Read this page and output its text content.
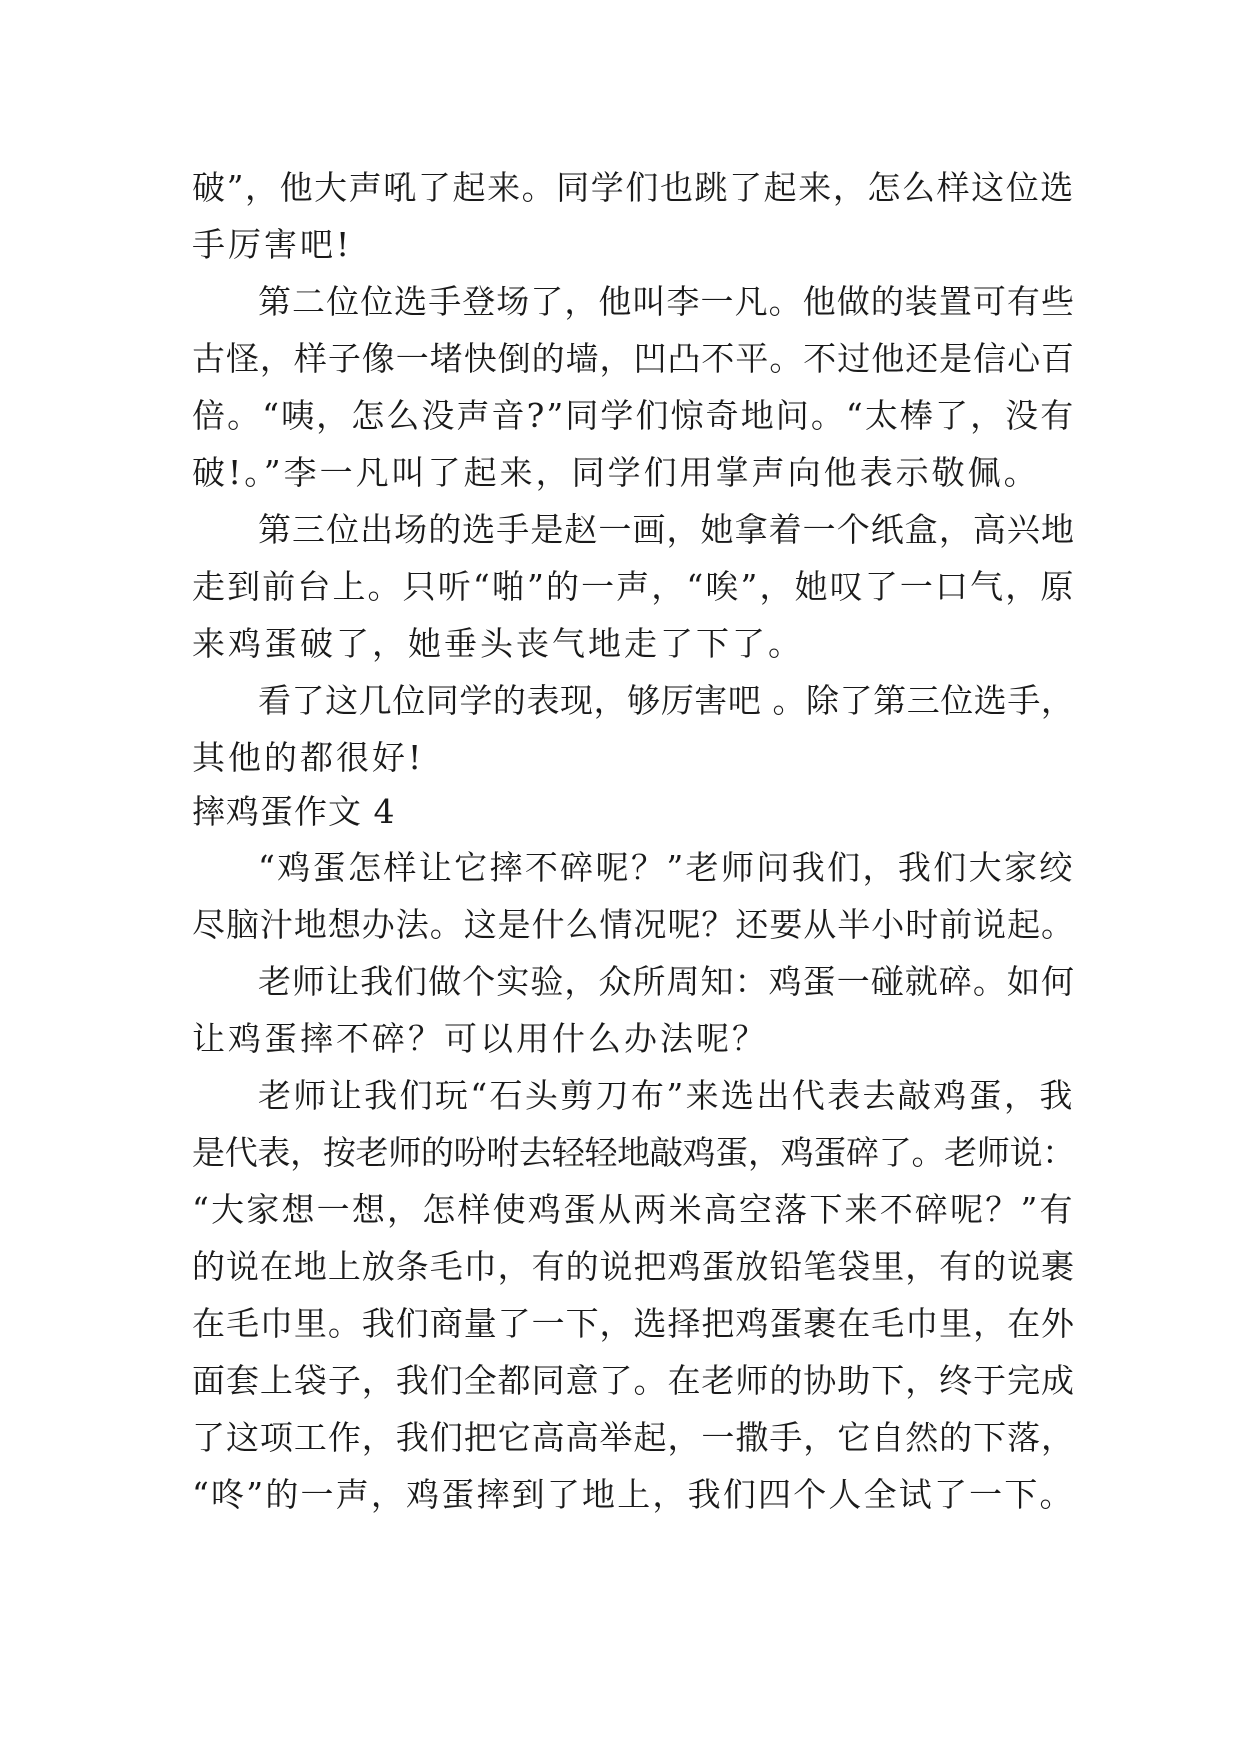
破”，他大声吼了起来。同学们也跳了起来，怎么样这位选
手厉害吧!
第二位位选手登场了，他叫李一凡。他做的装置可有些
古怪，样子像一堵快倒的墙，凹凸不平。不过他还是信心百
倍。“咦，怎么没声音?”同学们惊奇地问。“太棒了，没有
破!。”李一凡叫了起来，同学们用掌声向他表示敬佩。
第三位出场的选手是赵一画，她拿着一个纸盒，高兴地
走到前台上。只听“啪”的一声，“唉”，她叹了一口气，原
来鸡蛋破了，她垂头丧气地走了下了。
看了这几位同学的表现，够厉害吧 。除了第三位选手，
其他的都很好!
摔鸡蛋作文 4
“鸡蛋怎样让它摔不碎呢？”老师问我们，我们大家绞
尽脑汁地想办法。这是什么情况呢？还要从半小时前说起。
老师让我们做个实验，众所周知：鸡蛋一碰就碎。如何
让鸡蛋摔不碎？可以用什么办法呢？
老师让我们玩“石头剪刀布”来选出代表去敲鸡蛋，我
是代表，按老师的吩咐去轻轻地敲鸡蛋，鸡蛋碎了。老师说：
“大家想一想，怎样使鸡蛋从两米高空落下来不碎呢？”有
的说在地上放条毛巾，有的说把鸡蛋放铅笔袋里，有的说裹
在毛巾里。我们商量了一下，选择把鸡蛋裹在毛巾里，在外
面套上袋子，我们全都同意了。在老师的协助下，终于完成
了这项工作，我们把它高高举起，一撒手，它自然的下落，
“咚”的一声，鸡蛋摔到了地上，我们四个人全试了一下。
